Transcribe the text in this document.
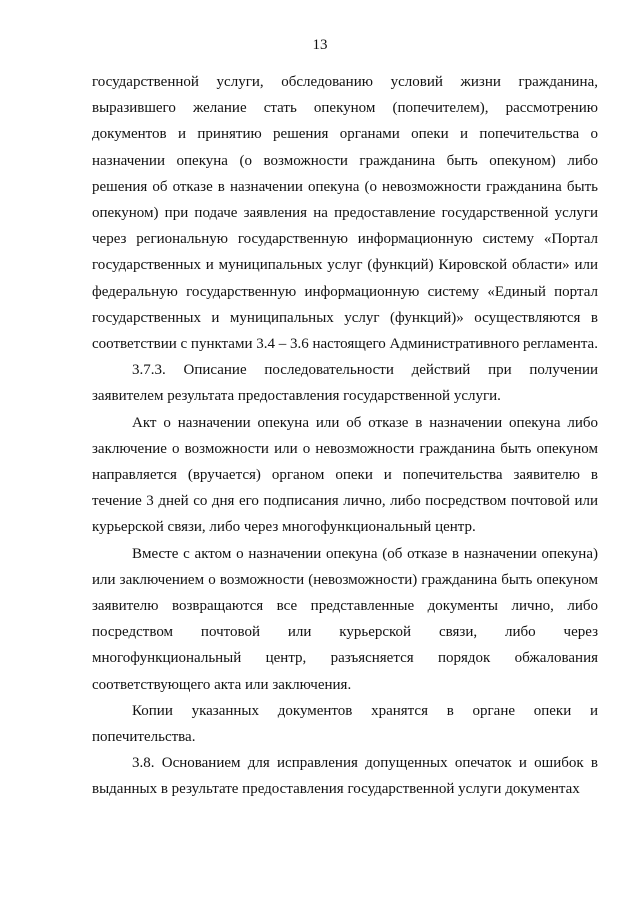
13

государственной услуги, обследованию условий жизни гражданина, выразившего желание стать опекуном (попечителем), рассмотрению документов и принятию решения органами опеки и попечительства о назначении опекуна (о возможности гражданина быть опекуном) либо решения об отказе в назначении опекуна (о невозможности гражданина быть опекуном) при подаче заявления на предоставление государственной услуги через региональную государственную информационную систему «Портал государственных и муниципальных услуг (функций) Кировской области» или федеральную государственную информационную систему «Единый портал государственных и муниципальных услуг (функций)» осуществляются в соответствии с пунктами 3.4 – 3.6 настоящего Административного регламента.

3.7.3. Описание последовательности действий при получении заявителем результата предоставления государственной услуги.

Акт о назначении опекуна или об отказе в назначении опекуна либо заключение о возможности или о невозможности гражданина быть опекуном направляется (вручается) органом опеки и попечительства заявителю в течение 3 дней со дня его подписания лично, либо посредством почтовой или курьерской связи, либо через многофункциональный центр.

Вместе с актом о назначении опекуна (об отказе в назначении опекуна) или заключением о возможности (невозможности) гражданина быть опекуном заявителю возвращаются все представленные документы лично, либо посредством почтовой или курьерской связи, либо через многофункциональный центр, разъясняется порядок обжалования соответствующего акта или заключения.

Копии указанных документов хранятся в органе опеки и попечительства.

3.8. Основанием для исправления допущенных опечаток и ошибок в выданных в результате предоставления государственной услуги документах
